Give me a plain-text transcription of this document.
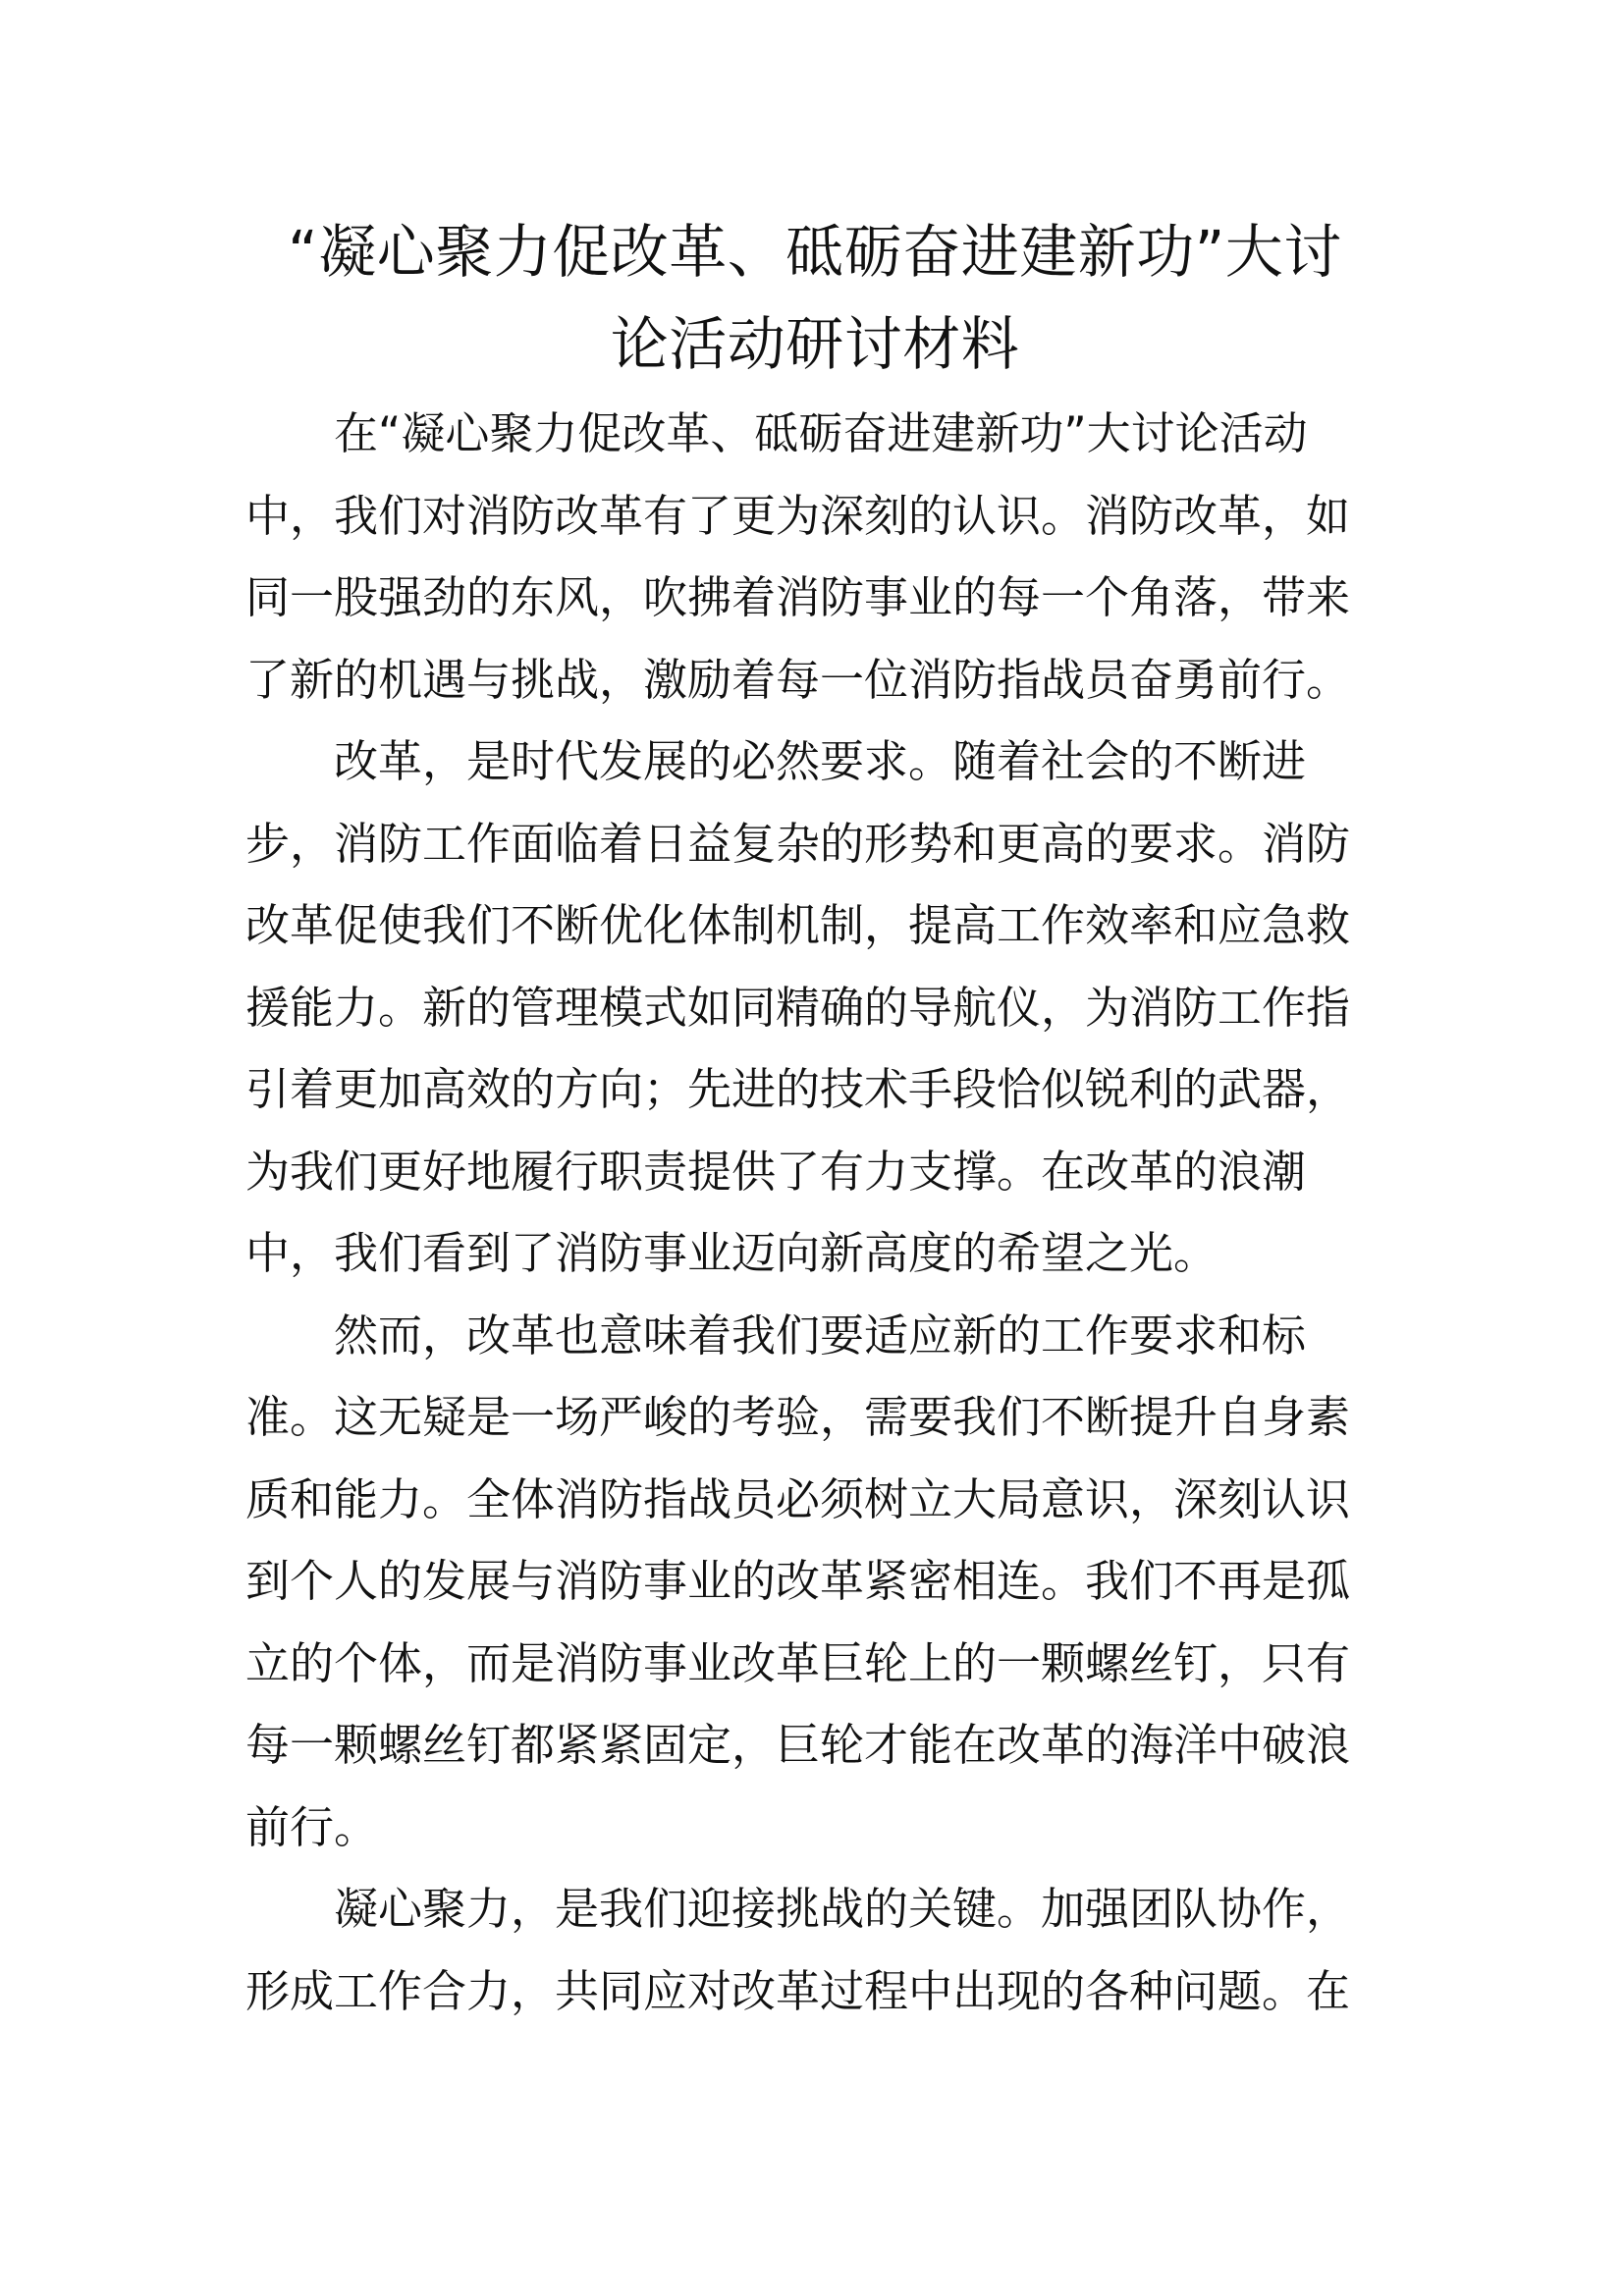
“凝心聚力促改革、砥砺奋进建新功”大讨
论活动研讨材料

在“凝心聚力促改革、砥砺奋进建新功”大讨论活动
中，我们对消防改革有了更为深刻的认识。消防改革，如
同一股强劲的东风，吹拂着消防事业的每一个角落，带来
了新的机遇与挑战，激励着每一位消防指战员奋勇前行。

改革，是时代发展的必然要求。随着社会的不断进
步，消防工作面临着日益复杂的形势和更高的要求。消防
改革促使我们不断优化体制机制，提高工作效率和应急救
援能力。新的管理模式如同精确的导航仪，为消防工作指
引着更加高效的方向；先进的技术手段恰似锐利的武器，
为我们更好地履行职责提供了有力支撑。在改革的浪潮
中，我们看到了消防事业迈向新高度的希望之光。

然而，改革也意味着我们要适应新的工作要求和标
准。这无疑是一场严峻的考验，需要我们不断提升自身素
质和能力。全体消防指战员必须树立大局意识，深刻认识
到个人的发展与消防事业的改革紧密相连。我们不再是孤
立的个体，而是消防事业改革巨轮上的一颗螺丝钉，只有
每一颗螺丝钉都紧紧固定，巨轮才能在改革的海洋中破浪
前行。

凝心聚力，是我们迎接挑战的关键。加强团队协作，
形成工作合力，共同应对改革过程中出现的各种问题。在
